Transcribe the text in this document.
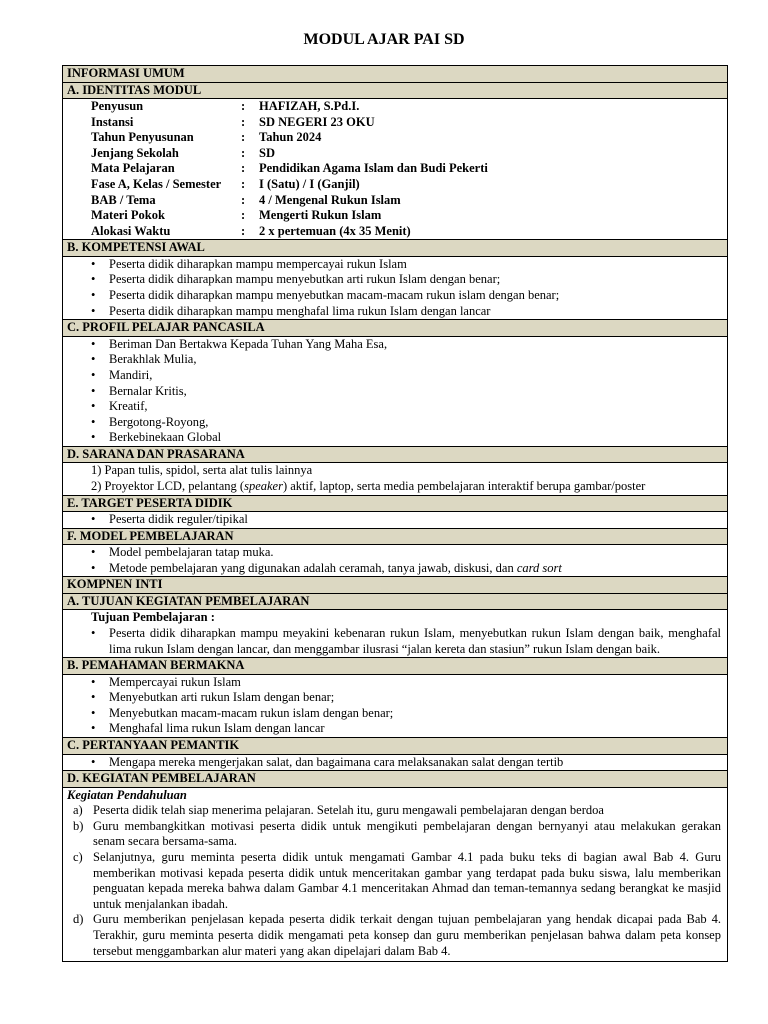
MODUL AJAR PAI SD
INFORMASI UMUM
A. IDENTITAS MODUL
Penyusun	:	HAFIZAH, S.Pd.I.
Instansi	:	SD NEGERI 23 OKU
Tahun Penyusunan	:	Tahun 2024
Jenjang Sekolah	:	SD
Mata Pelajaran	:	Pendidikan Agama Islam dan Budi Pekerti
Fase A, Kelas / Semester	:	I (Satu) / I (Ganjil)
BAB / Tema	:	4 / Mengenal Rukun Islam
Materi Pokok	:	Mengerti Rukun Islam
Alokasi Waktu	:	2 x pertemuan (4x 35 Menit)
B. KOMPETENSI AWAL
• Peserta didik diharapkan mampu mempercayai rukun Islam
• Peserta didik diharapkan mampu menyebutkan arti rukun Islam dengan benar;
• Peserta didik diharapkan mampu menyebutkan macam-macam rukun islam dengan benar;
• Peserta didik diharapkan mampu menghafal lima rukun Islam dengan lancar
C. PROFIL PELAJAR PANCASILA
• Beriman Dan Bertakwa Kepada Tuhan Yang Maha Esa,
• Berakhlak Mulia,
• Mandiri,
• Bernalar Kritis,
• Kreatif,
• Bergotong-Royong,
• Berkebinekaan Global
D. SARANA DAN PRASARANA
1) Papan tulis, spidol, serta alat tulis lainnya
2) Proyektor LCD, pelantang (speaker) aktif, laptop, serta media pembelajaran interaktif berupa gambar/poster
E. TARGET PESERTA DIDIK
• Peserta didik reguler/tipikal
F. MODEL PEMBELAJARAN
• Model pembelajaran tatap muka.
• Metode pembelajaran yang digunakan adalah ceramah, tanya jawab, diskusi, dan card sort
KOMPNEN INTI
A. TUJUAN KEGIATAN PEMBELAJARAN
Tujuan Pembelajaran :
• Peserta didik diharapkan mampu meyakini kebenaran rukun Islam, menyebutkan rukun Islam dengan baik, menghafal lima rukun Islam dengan lancar, dan menggambar ilusrasi “jalan kereta dan stasiun” rukun Islam dengan baik.
B. PEMAHAMAN BERMAKNA
• Mempercayai rukun Islam
• Menyebutkan arti rukun Islam dengan benar;
• Menyebutkan macam-macam rukun islam dengan benar;
• Menghafal lima rukun Islam dengan lancar
C. PERTANYAAN PEMANTIK
• Mengapa mereka mengerjakan salat, dan bagaimana cara melaksanakan salat dengan tertib
D. KEGIATAN PEMBELAJARAN
Kegiatan Pendahuluan
a) Peserta didik telah siap menerima pelajaran. Setelah itu, guru mengawali pembelajaran dengan berdoa
b) Guru membangkitkan motivasi peserta didik untuk mengikuti pembelajaran dengan bernyanyi atau melakukan gerakan senam secara bersama-sama.
c) Selanjutnya, guru meminta peserta didik untuk mengamati Gambar 4.1 pada buku teks di bagian awal Bab 4. Guru memberikan motivasi kepada peserta didik untuk menceritakan gambar yang terdapat pada buku siswa, lalu memberikan penguatan kepada mereka bahwa dalam Gambar 4.1 menceritakan Ahmad dan teman-temannya sedang berangkat ke masjid untuk menjalankan ibadah.
d) Guru memberikan penjelasan kepada peserta didik terkait dengan tujuan pembelajaran yang hendak dicapai pada Bab 4. Terakhir, guru meminta peserta didik mengamati peta konsep dan guru memberikan penjelasan bahwa dalam peta konsep tersebut menggambarkan alur materi yang akan dipelajari dalam Bab 4.
